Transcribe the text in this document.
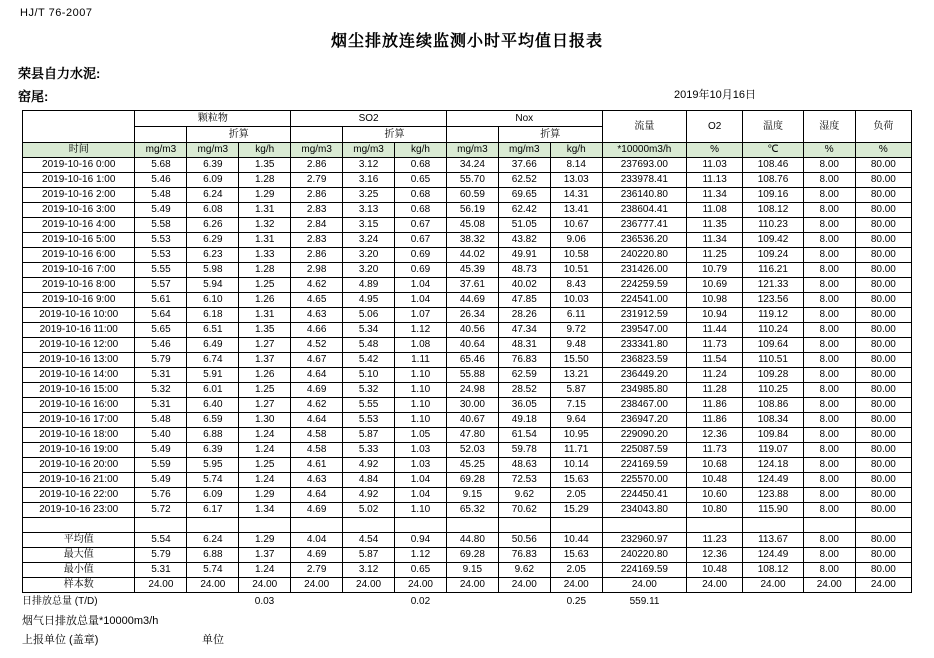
HJ/T 76-2007
烟尘排放连续监测小时平均值日报表
荣县自力水泥:
窑尾:	2019年10月16日
	颗粒物			SO2			Nox			流量	O2	温度	湿度	负荷
		折算			折算			折算						
时间	mg/m3	mg/m3	kg/h	mg/m3	mg/m3	kg/h	mg/m3	mg/m3	kg/h	*10000m3/h	%	℃	%	%
2019-10-16 0:00	5.68	6.39	1.35	2.86	3.12	0.68	34.24	37.66	8.14	237693.00	11.03	108.46	8.00	80.00
2019-10-16 1:00	5.46	6.09	1.28	2.79	3.16	0.65	55.70	62.52	13.03	233978.41	11.13	108.76	8.00	80.00
2019-10-16 2:00	5.48	6.24	1.29	2.86	3.25	0.68	60.59	69.65	14.31	236140.80	11.34	109.16	8.00	80.00
2019-10-16 3:00	5.49	6.08	1.31	2.83	3.13	0.68	56.19	62.42	13.41	238604.41	11.08	108.12	8.00	80.00
2019-10-16 4:00	5.58	6.26	1.32	2.84	3.15	0.67	45.08	51.05	10.67	236777.41	11.35	110.23	8.00	80.00
2019-10-16 5:00	5.53	6.29	1.31	2.83	3.24	0.67	38.32	43.82	9.06	236536.20	11.34	109.42	8.00	80.00
2019-10-16 6:00	5.53	6.23	1.33	2.86	3.20	0.69	44.02	49.91	10.58	240220.80	11.25	109.24	8.00	80.00
2019-10-16 7:00	5.55	5.98	1.28	2.98	3.20	0.69	45.39	48.73	10.51	231426.00	10.79	116.21	8.00	80.00
2019-10-16 8:00	5.57	5.94	1.25	4.62	4.89	1.04	37.61	40.02	8.43	224259.59	10.69	121.33	8.00	80.00
2019-10-16 9:00	5.61	6.10	1.26	4.65	4.95	1.04	44.69	47.85	10.03	224541.00	10.98	123.56	8.00	80.00
2019-10-16 10:00	5.64	6.18	1.31	4.63	5.06	1.07	26.34	28.26	6.11	231912.59	10.94	119.12	8.00	80.00
2019-10-16 11:00	5.65	6.51	1.35	4.66	5.34	1.12	40.56	47.34	9.72	239547.00	11.44	110.24	8.00	80.00
2019-10-16 12:00	5.46	6.49	1.27	4.52	5.48	1.08	40.64	48.31	9.48	233341.80	11.73	109.64	8.00	80.00
2019-10-16 13:00	5.79	6.74	1.37	4.67	5.42	1.11	65.46	76.83	15.50	236823.59	11.54	110.51	8.00	80.00
2019-10-16 14:00	5.31	5.91	1.26	4.64	5.10	1.10	55.88	62.59	13.21	236449.20	11.24	109.28	8.00	80.00
2019-10-16 15:00	5.32	6.01	1.25	4.69	5.32	1.10	24.98	28.52	5.87	234985.80	11.28	110.25	8.00	80.00
2019-10-16 16:00	5.31	6.40	1.27	4.62	5.55	1.10	30.00	36.05	7.15	238467.00	11.86	108.86	8.00	80.00
2019-10-16 17:00	5.48	6.59	1.30	4.64	5.53	1.10	40.67	49.18	9.64	236947.20	11.86	108.34	8.00	80.00
2019-10-16 18:00	5.40	6.88	1.24	4.58	5.87	1.05	47.80	61.54	10.95	229090.20	12.36	109.84	8.00	80.00
2019-10-16 19:00	5.49	6.39	1.24	4.58	5.33	1.03	52.03	59.78	11.71	225087.59	11.73	119.07	8.00	80.00
2019-10-16 20:00	5.59	5.95	1.25	4.61	4.92	1.03	45.25	48.63	10.14	224169.59	10.68	124.18	8.00	80.00
2019-10-16 21:00	5.49	5.74	1.24	4.63	4.84	1.04	69.28	72.53	15.63	225570.00	10.48	124.49	8.00	80.00
2019-10-16 22:00	5.76	6.09	1.29	4.64	4.92	1.04	9.15	9.62	2.05	224450.41	10.60	123.88	8.00	80.00
2019-10-16 23:00	5.72	6.17	1.34	4.69	5.02	1.10	65.32	70.62	15.29	234043.80	10.80	115.90	8.00	80.00

平均值	5.54	6.24	1.29	4.04	4.54	0.94	44.80	50.56	10.44	232960.97	11.23	113.67	8.00	80.00
最大值	5.79	6.88	1.37	4.69	5.87	1.12	69.28	76.83	15.63	240220.80	12.36	124.49	8.00	80.00
最小值	5.31	5.74	1.24	2.79	3.12	0.65	9.15	9.62	2.05	224169.59	10.48	108.12	8.00	80.00
样本数	24.00	24.00	24.00	24.00	24.00	24.00	24.00	24.00	24.00	24.00	24.00	24.00	24.00	24.00
日排放总量 (T/D)			0.03			0.02			0.25	559.11				
烟气日排放总量*10000m3/h
上报单位 (盖章)	单位
